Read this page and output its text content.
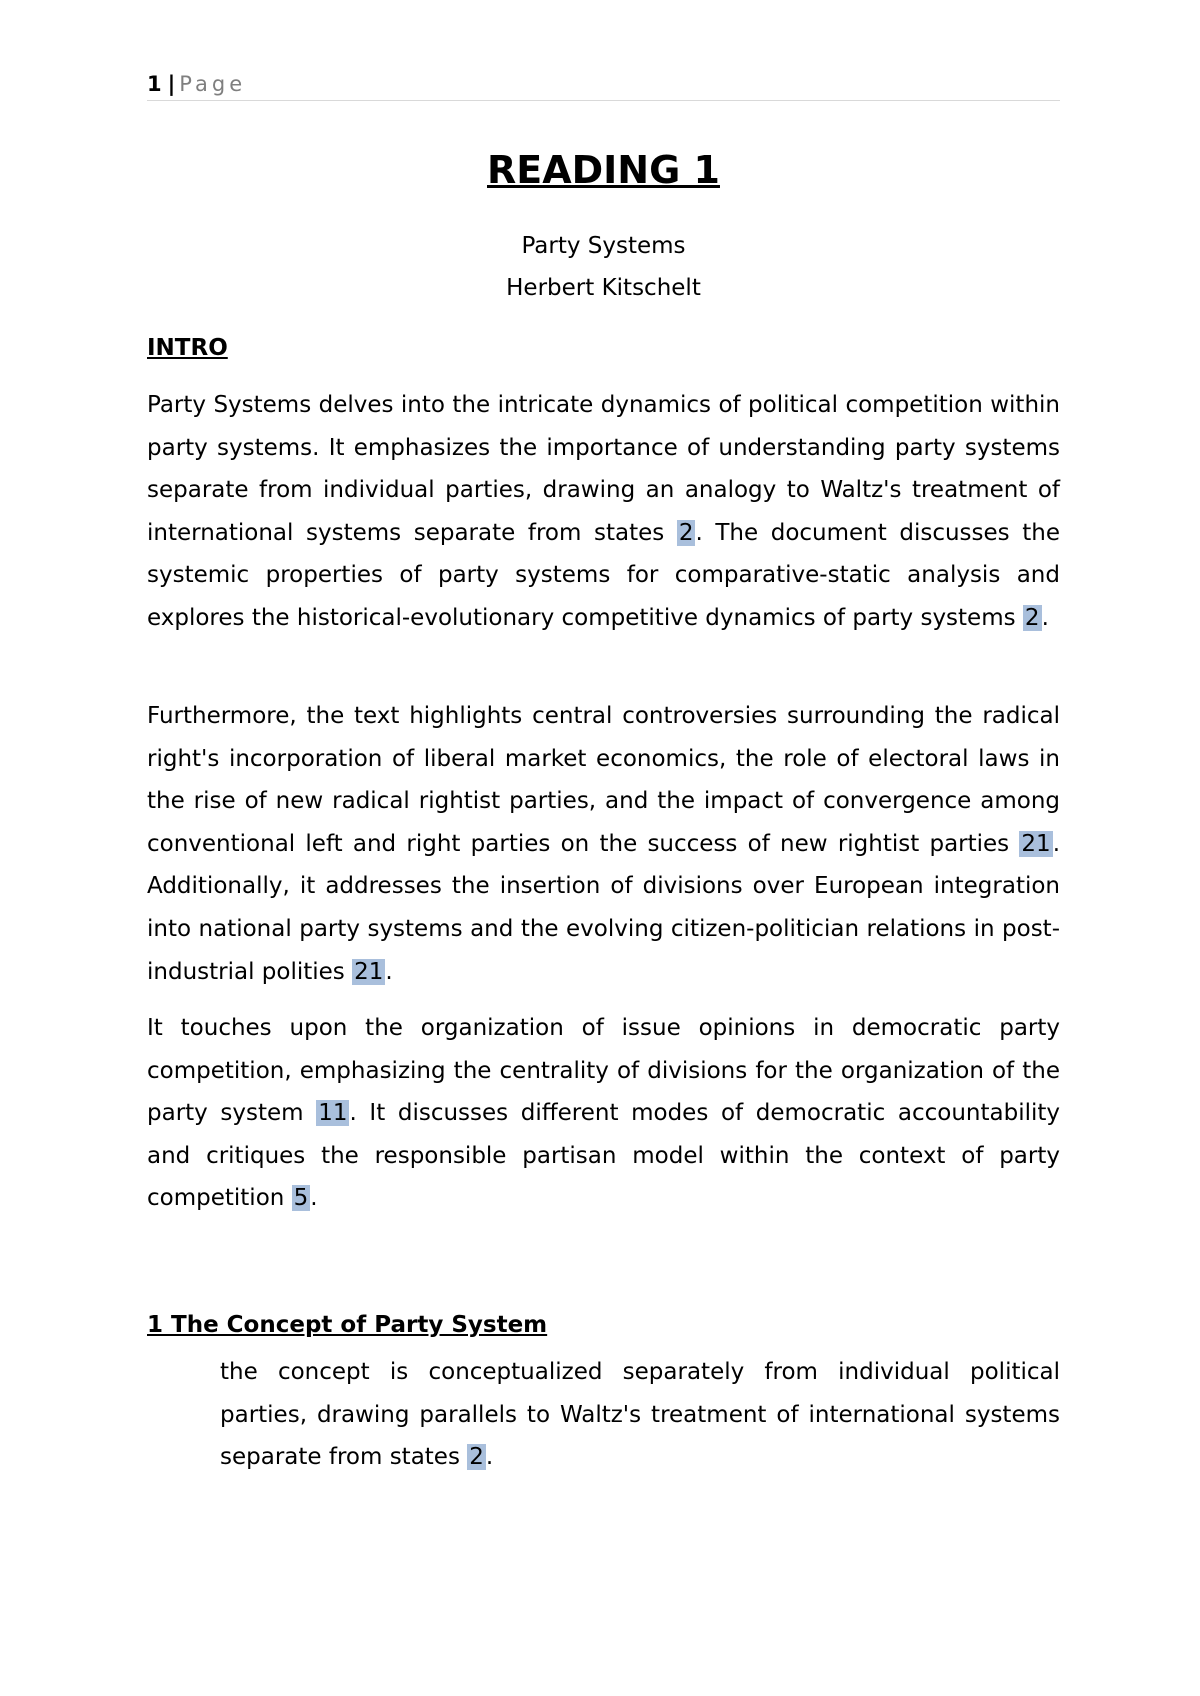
1 | Page
READING 1
Party Systems
Herbert Kitschelt
INTRO

Party Systems delves into the intricate dynamics of political competition within party systems. It emphasizes the importance of understanding party systems separate from individual parties, drawing an analogy to Waltz's treatment of international systems separate from states 2. The document discusses the systemic properties of party systems for comparative-static analysis and explores the historical-evolutionary competitive dynamics of party systems 2.

Furthermore, the text highlights central controversies surrounding the radical right's incorporation of liberal market economics, the role of electoral laws in the rise of new radical rightist parties, and the impact of convergence among conventional left and right parties on the success of new rightist parties 21. Additionally, it addresses the insertion of divisions over European integration into national party systems and the evolving citizen-politician relations in post-industrial polities 21.

It touches upon the organization of issue opinions in democratic party competition, emphasizing the centrality of divisions for the organization of the party system 11. It discusses different modes of democratic accountability and critiques the responsible partisan model within the context of party competition 5.

1 The Concept of Party System

the concept is conceptualized separately from individual political parties, drawing parallels to Waltz's treatment of international systems separate from states 2.
